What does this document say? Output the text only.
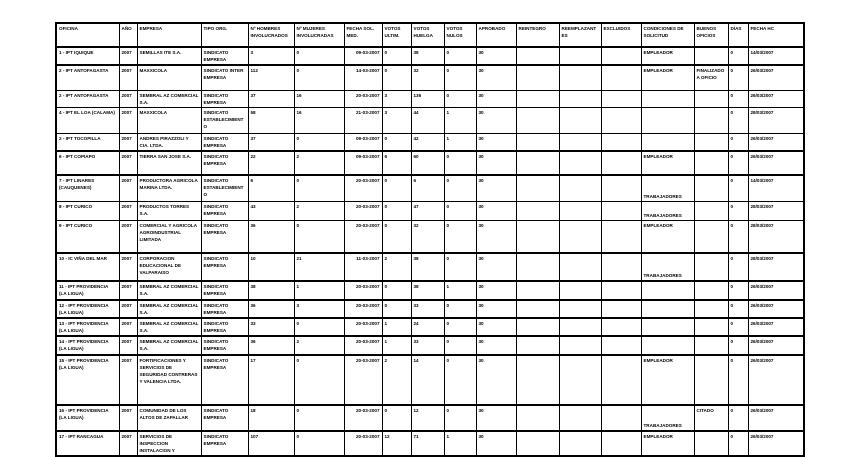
OFICINA	AÑO	EMPRESA	TIPO ORG.	Nº HOMBRES INVOLUCRADOS	Nº MUJERES INVOLUCRADAS	FECHA SOL. MED.	VOTOS ULTIM.	VOTOS HUELGA	VOTOS NULOS	APROBADO	REINTEGRO	REEMPLAZANTES	EXCLUIDOS	CONDICIONES DE SOLICITUD	BUENOS OFICIOS	DÍAS	FECHA HC
1 - IPT IQUIQUE	2007	SEMILLAS ITE S.A.	SINDICATO EMPRESA	3	0	09-03-2007	0	38	0	30				EMPLEADOR		0	14/03/2007
2 - IPT ANTOFAGASTA	2007	MAXXICOLA	SINDICATO INTER EMPRESA	112	0	14-03-2007	0	32	0	30				EMPLEADOR	FINALIZADO A OFICIO	0	26/03/2007
2 - IPT ANTOFAGASTA	2007	SEMBRAL AZ COMERCIAL S.A.	SINDICATO EMPRESA	37	16	20-03-2007	3	136	0	30						0	26/03/2007
4 - IPT EL LOA (CALAMA)	2007	MAXXICOLA	SINDICATO ESTABLECIMIENTO	58	16	21-03-2007	3	44	1	30						0	28/03/2007
2 - IPT TOCOPILLA	2007	ANDRES PIRAZZOLI Y CIA. LTDA.	SINDICATO EMPRESA	37	0	09-03-2007	0	42	1	30						0	26/03/2007
6 - IPT COPIAPO	2007	TIERRA SAN JOSE S.A.	SINDICATO EMPRESA	22	2	09-03-2007	6	60	0	30				EMPLEADOR		0	26/03/2007
7 - IPT LINARES (CAUQUENES)	2007	PRODUCTORA AGRICOLA MARINA LTDA.	SINDICATO ESTABLECIMIENTO	6	0	20-03-2007	0	6	0	30				TRABAJADORES		0	14/03/2007
8 - IPT CURICO	2007	PRODUCTOS TORRES S.A.	SINDICATO EMPRESA	43	2	20-03-2007	0	47	0	30				TRABAJADORES		0	28/03/2007
9 - IPT CURICO	2007	COMERCIAL Y AGRICOLA AGROINDUSTRIAL LIMITADA	SINDICATO EMPRESA	36	0	20-03-2007	0	32	0	30				EMPLEADOR		0	28/03/2007
10 - IC VIÑA DEL MAR	2007	CORPORACION EDUCACIONAL DE VALPARAISO	SINDICATO EMPRESA	10	21	11-03-2007	2	38	0	30				TRABAJADORES		0	28/03/2007
11 - IPT PROVIDENCIA (LA LIGUA)	2007	SEMBRAL AZ COMERCIAL S.A.	SINDICATO EMPRESA	38	1	20-03-2007	0	38	1	30						0	26/03/2007
12 - IPT PROVIDENCIA (LA LIGUA)	2007	SEMBRAL AZ COMERCIAL S.A.	SINDICATO EMPRESA	36	3	20-03-2007	0	33	0	30						0	26/03/2007
13 - IPT PROVIDENCIA (LA LIGUA)	2007	SEMBRAL AZ COMERCIAL S.A.	SINDICATO EMPRESA	33	0	20-03-2007	1	24	0	30						0	26/03/2007
14 - IPT PROVIDENCIA (LA LIGUA)	2007	SEMBRAL AZ COMERCIAL S.A.	SINDICATO EMPRESA	36	2	20-03-2007	1	33	0	30						0	26/03/2007
15 - IPT PROVIDENCIA (LA LIGUA)	2007	FORTIFICACIONES Y SERVICIOS DE SEGURIDAD CONTRERAS Y VALENCIA LTDA.	SINDICATO EMPRESA	17	0	20-03-2007	2	14	0	30				EMPLEADOR		0	26/03/2007
16 - IPT PROVIDENCIA (LA LIGUA)	2007	COMUNIDAD DE LOS ALTOS DE ZAPALLAR	SINDICATO EMPRESA	18	0	20-03-2007	0	12	0	30				TRABAJADORES	CITADO	0	26/03/2007
17 - IPT RANCAGUA	2007	SERVICIOS DE INSPECCION INSTALACION Y	SINDICATO EMPRESA	107	0	20-03-2007	12	71	1	30				EMPLEADOR		0	26/03/2007
